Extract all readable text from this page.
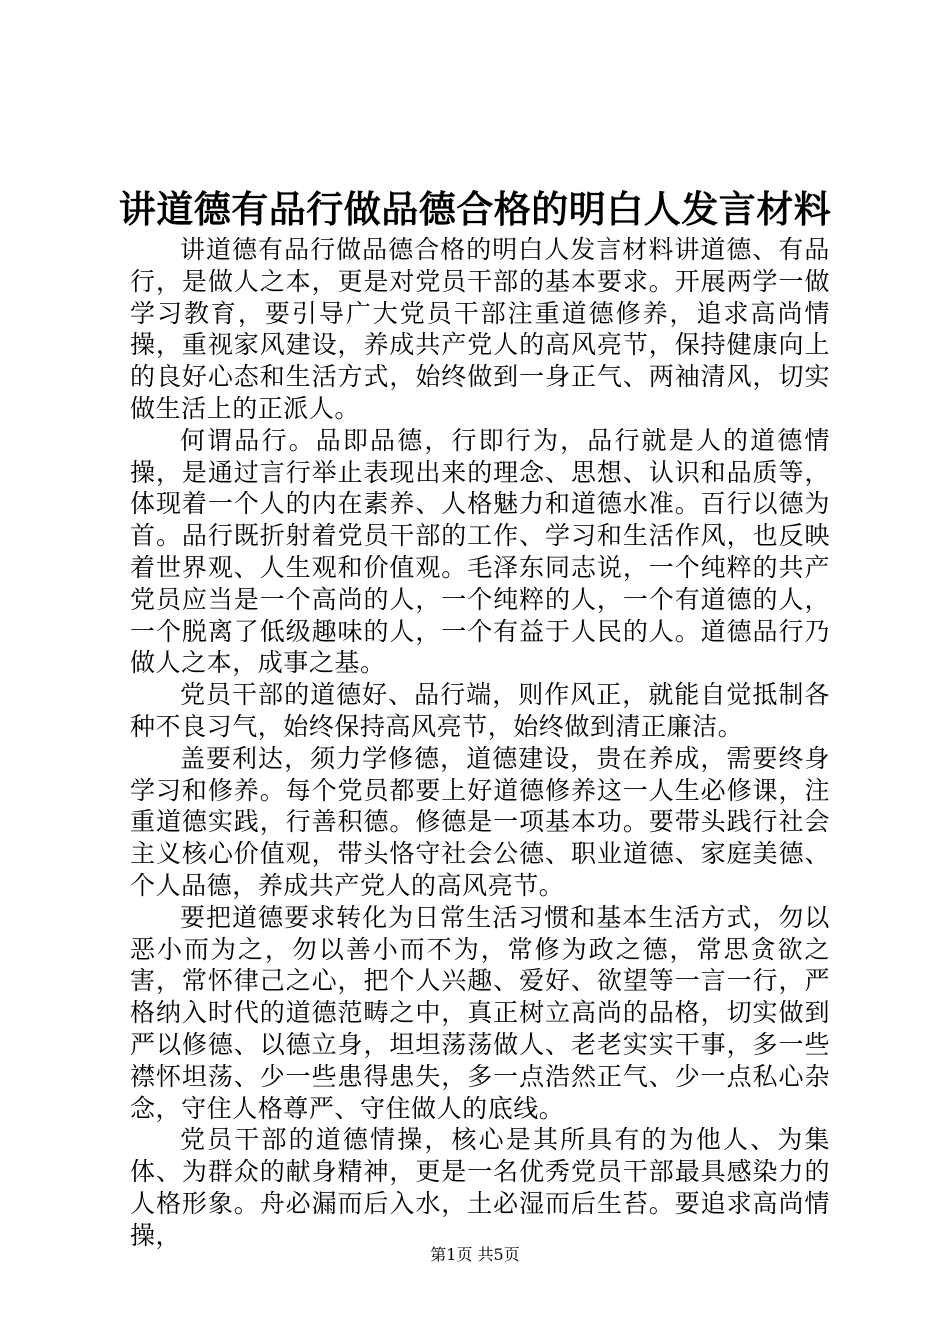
讲道德有品行做品德合格的明白人发言材料

讲道德有品行做品德合格的明白人发言材料讲道德、有品行，是做人之本，更是对党员干部的基本要求。开展两学一做学习教育，要引导广大党员干部注重道德修养，追求高尚情操，重视家风建设，养成共产党人的高风亮节，保持健康向上的良好心态和生活方式，始终做到一身正气、两袖清风，切实做生活上的正派人。

何谓品行。品即品德，行即行为，品行就是人的道德情操，是通过言行举止表现出来的理念、思想、认识和品质等，体现着一个人的内在素养、人格魅力和道德水准。百行以德为首。品行既折射着党员干部的工作、学习和生活作风，也反映着世界观、人生观和价值观。毛泽东同志说，一个纯粹的共产党员应当是一个高尚的人，一个纯粹的人，一个有道德的人，一个脱离了低级趣味的人，一个有益于人民的人。道德品行乃做人之本，成事之基。

党员干部的道德好、品行端，则作风正，就能自觉抵制各种不良习气，始终保持高风亮节，始终做到清正廉洁。

盖要利达，须力学修德，道德建设，贵在养成，需要终身学习和修养。每个党员都要上好道德修养这一人生必修课，注重道德实践，行善积德。修德是一项基本功。要带头践行社会主义核心价值观，带头恪守社会公德、职业道德、家庭美德、个人品德，养成共产党人的高风亮节。

要把道德要求转化为日常生活习惯和基本生活方式，勿以恶小而为之，勿以善小而不为，常修为政之德，常思贪欲之害，常怀律己之心，把个人兴趣、爱好、欲望等一言一行，严格纳入时代的道德范畴之中，真正树立高尚的品格，切实做到严以修德、以德立身，坦坦荡荡做人、老老实实干事，多一些襟怀坦荡、少一些患得患失，多一点浩然正气、少一点私心杂念，守住人格尊严、守住做人的底线。

党员干部的道德情操，核心是其所具有的为他人、为集体、为群众的献身精神，更是一名优秀党员干部最具感染力的人格形象。舟必漏而后入水，土必湿而后生苔。要追求高尚情操，

第1页 共5页
